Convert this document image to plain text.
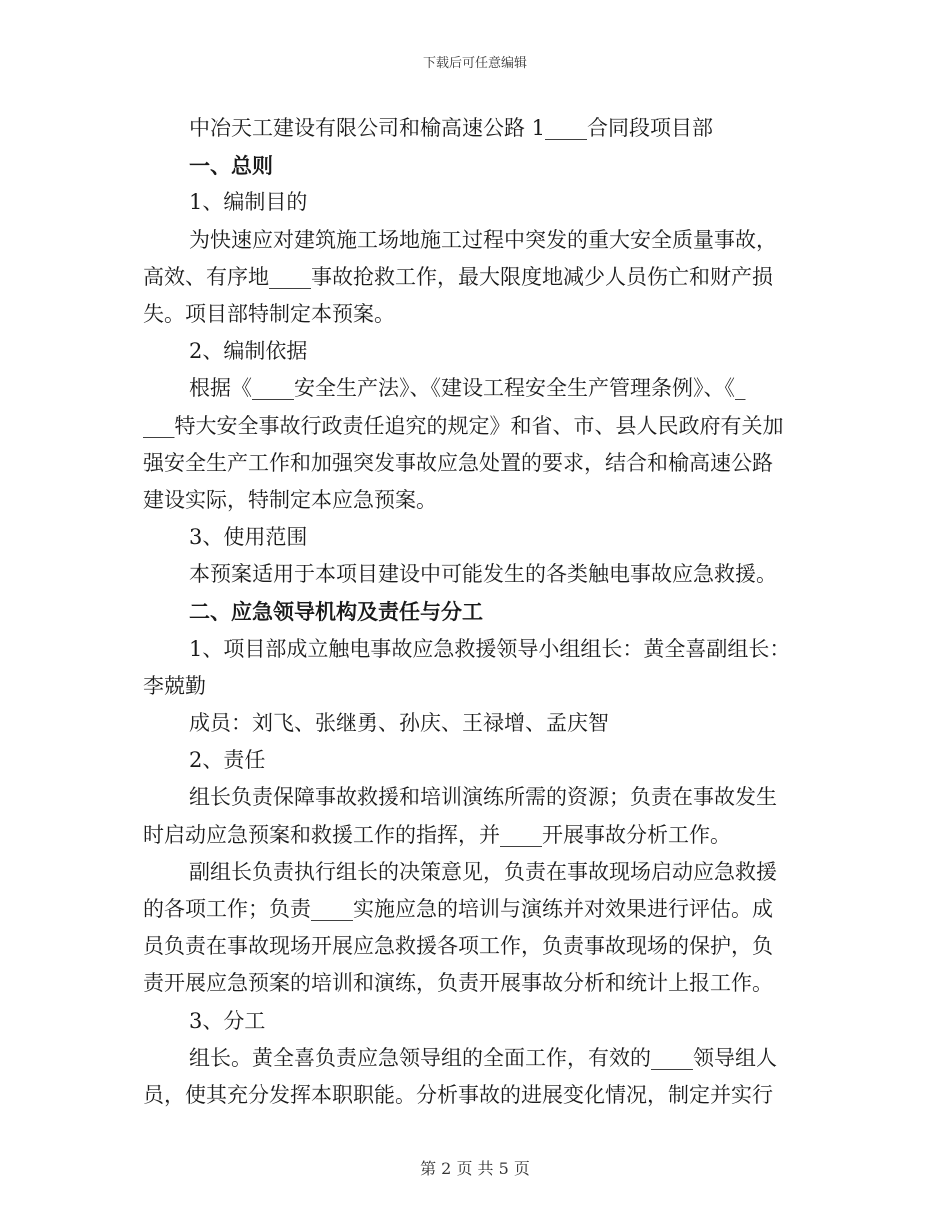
下载后可任意编辑
中冶天工建设有限公司和榆高速公路 1____合同段项目部
一、总则
1、编制目的
为快速应对建筑施工场地施工过程中突发的重大安全质量事故，
高效、有序地____事故抢救工作，最大限度地减少人员伤亡和财产损
失。项目部特制定本预案。
2、编制依据
根据《____安全生产法》、《建设工程安全生产管理条例》、《_
___特大安全事故行政责任追究的规定》和省、市、县人民政府有关加
强安全生产工作和加强突发事故应急处置的要求，结合和榆高速公路
建设实际，特制定本应急预案。
3、使用范围
本预案适用于本项目建设中可能发生的各类触电事故应急救援。
二、应急领导机构及责任与分工
1、项目部成立触电事故应急救援领导小组组长：黄全喜副组长：
李兢勤
成员：刘飞、张继勇、孙庆、王禄增、孟庆智
2、责任
组长负责保障事故救援和培训演练所需的资源；负责在事故发生
时启动应急预案和救援工作的指挥，并____开展事故分析工作。
副组长负责执行组长的决策意见，负责在事故现场启动应急救援
的各项工作；负责____实施应急的培训与演练并对效果进行评估。成
员负责在事故现场开展应急救援各项工作，负责事故现场的保护，负
责开展应急预案的培训和演练，负责开展事故分析和统计上报工作。
3、分工
组长。黄全喜负责应急领导组的全面工作，有效的____领导组人
员，使其充分发挥本职职能。分析事故的进展变化情况，制定并实行
第 2 页 共 5 页
